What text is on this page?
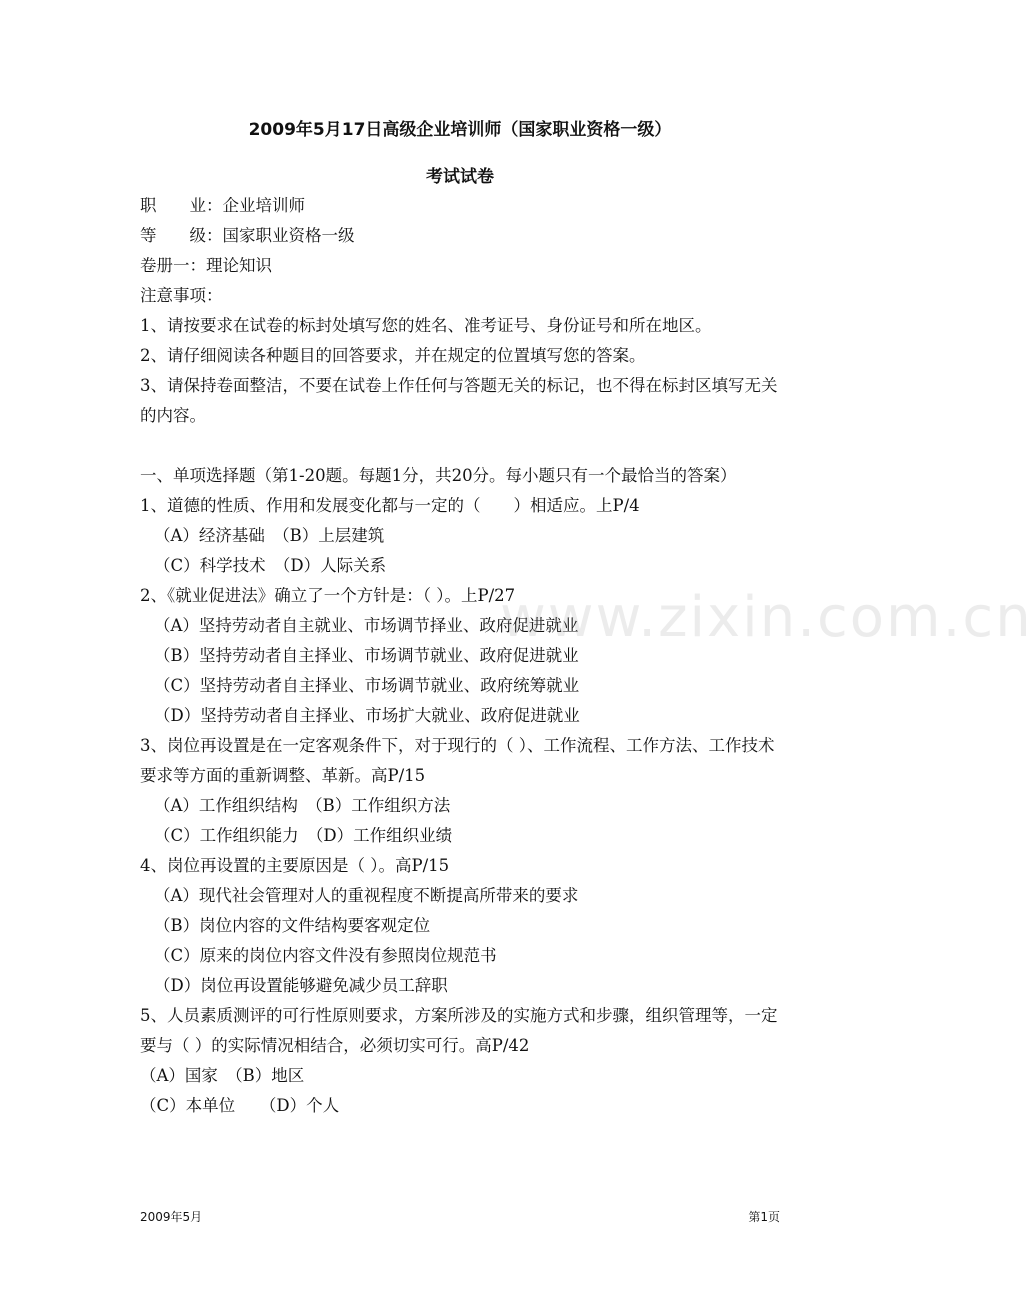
2009年5月17日高级企业培训师（国家职业资格一级）
考试试卷
职　　业：企业培训师
等　　级：国家职业资格一级
卷册一：理论知识
注意事项：
1、请按要求在试卷的标封处填写您的姓名、准考证号、身份证号和所在地区。
2、请仔细阅读各种题目的回答要求，并在规定的位置填写您的答案。
3、请保持卷面整洁，不要在试卷上作任何与答题无关的标记，也不得在标封区填写无关的内容。
一、单项选择题（第1-20题。每题1分，共20分。每小题只有一个最恰当的答案）
1、道德的性质、作用和发展变化都与一定的（　　）相适应。上P/4
（A）经济基础　（B）上层建筑
（C）科学技术　（D）人际关系
2、《就业促进法》确立了一个方针是：（ ）。上P/27
（A）坚持劳动者自主就业、市场调节择业、政府促进就业
（B）坚持劳动者自主择业、市场调节就业、政府促进就业
（C）坚持劳动者自主择业、市场调节就业、政府统筹就业
（D）坚持劳动者自主择业、市场扩大就业、政府促进就业
3、岗位再设置是在一定客观条件下，对于现行的（ ）、工作流程、工作方法、工作技术要求等方面的重新调整、革新。高P/15
（A）工作组织结构　（B）工作组织方法
（C）工作组织能力　（D）工作组织业绩
4、岗位再设置的主要原因是（ ）。高P/15
（A）现代社会管理对人的重视程度不断提高所带来的要求
（B）岗位内容的文件结构要客观定位
（C）原来的岗位内容文件没有参照岗位规范书
（D）岗位再设置能够避免减少员工辞职
5、人员素质测评的可行性原则要求，方案所涉及的实施方式和步骤，组织管理等，一定要与（ ）的实际情况相结合，必须切实可行。高P/42
（A）国家　（B）地区
（C）本单位　　（D）个人
www.zixin.com.cn
2009年5月	第1页
